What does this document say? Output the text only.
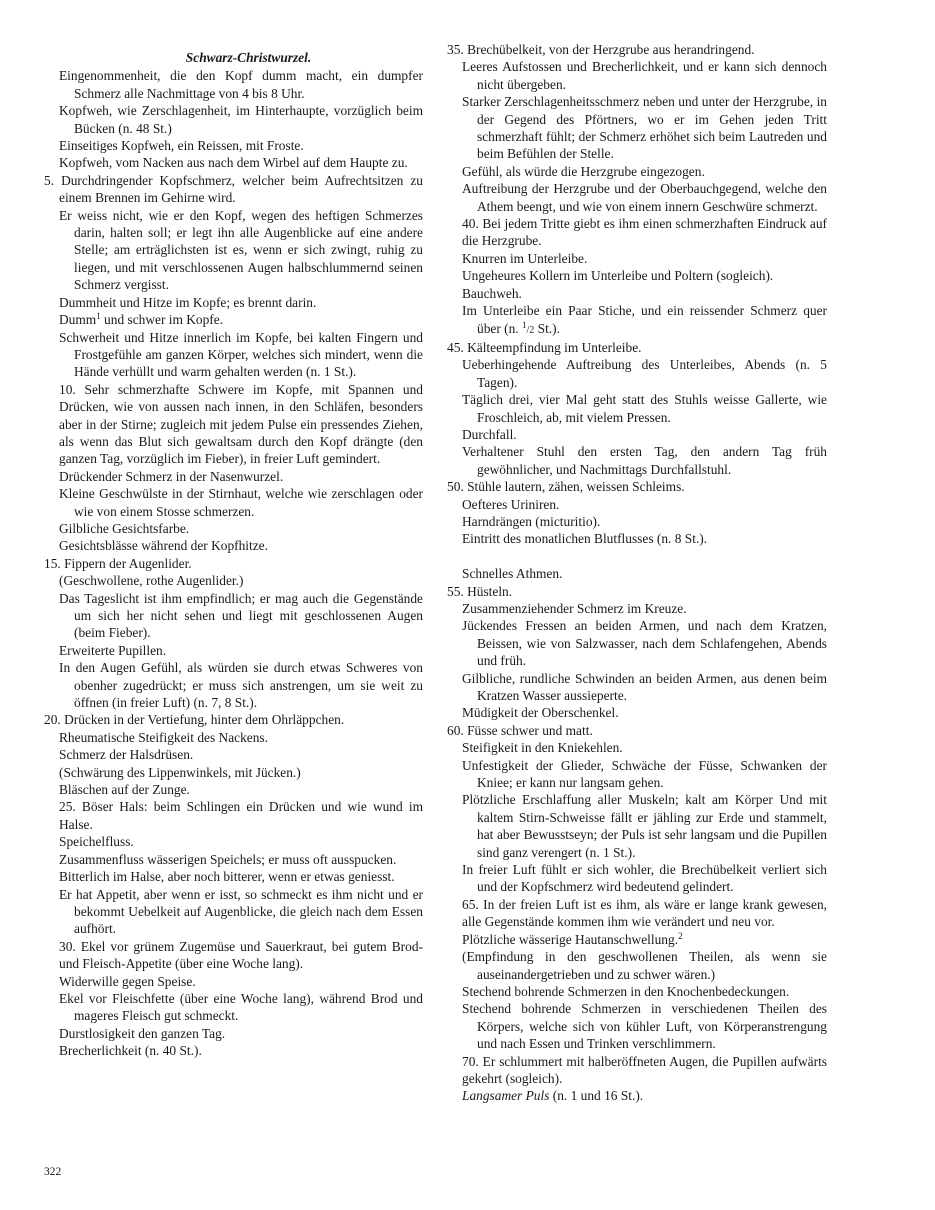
Schwarz-Christwurzel.
Eingenommenheit, die den Kopf dumm macht, ein dumpfer Schmerz alle Nachmittage von 4 bis 8 Uhr.
Kopfweh, wie Zerschlagenheit, im Hinterhaupte, vorzüglich beim Bücken (n. 48 St.)
Einseitiges Kopfweh, ein Reissen, mit Froste.
Kopfweh, vom Nacken aus nach dem Wirbel auf dem Haupte zu.
5. Durchdringender Kopfschmerz, welcher beim Aufrechtsitzen zu einem Brennen im Gehirne wird.
Er weiss nicht, wie er den Kopf, wegen des heftigen Schmerzes darin, halten soll; er legt ihn alle Augenblicke auf eine andere Stelle; am erträglichsten ist es, wenn er sich zwingt, ruhig zu liegen, und mit verschlossenen Augen halbschlummernd seinen Schmerz vergisst.
Dummheit und Hitze im Kopfe; es brennt darin.
Dumm$^1$ und schwer im Kopfe.
Schwerheit und Hitze innerlich im Kopfe, bei kalten Fingern und Frostgefühle am ganzen Körper, welches sich mindert, wenn die Hände verhüllt und warm gehalten werden (n. 1 St.).
10. Sehr schmerzhafte Schwere im Kopfe, mit Spannen und Drücken, wie von aussen nach innen, in den Schläfen, besonders aber in der Stirne; zugleich mit jedem Pulse ein pressendes Ziehen, als wenn das Blut sich gewaltsam durch den Kopf drängte (den ganzen Tag, vorzüglich im Fieber), in freier Luft gemindert.
Drückender Schmerz in der Nasenwurzel.
Kleine Geschwülste in der Stirnhaut, welche wie zerschlagen oder wie von einem Stosse schmerzen.
Gilbliche Gesichtsfarbe.
Gesichtsblässe während der Kopfhitze.
15. Fippern der Augenlider.
(Geschwollene, rothe Augenlider.)
Das Tageslicht ist ihm empfindlich; er mag auch die Gegenstände um sich her nicht sehen und liegt mit geschlossenen Augen (beim Fieber).
Erweiterte Pupillen.
In den Augen Gefühl, als würden sie durch etwas Schweres von obenher zugedrückt; er muss sich anstrengen, um sie weit zu öffnen (in freier Luft) (n. 7, 8 St.).
20. Drücken in der Vertiefung, hinter dem Ohrläppchen.
Rheumatische Steifigkeit des Nackens.
Schmerz der Halsdrüsen.
(Schwärung des Lippenwinkels, mit Jücken.)
Bläschen auf der Zunge.
25. Böser Hals: beim Schlingen ein Drücken und wie wund im Halse.
Speichelfluss.
Zusammenfluss wässerigen Speichels; er muss oft ausspucken.
Bitterlich im Halse, aber noch bitterer, wenn er etwas geniesst.
Er hat Appetit, aber wenn er isst, so schmeckt es ihm nicht und er bekommt Uebelkeit auf Augenblicke, die gleich nach dem Essen aufhört.
30. Ekel vor grünem Zugemüse und Sauerkraut, bei gutem Brod- und Fleisch-Appetite (über eine Woche lang).
Widerwille gegen Speise.
Ekel vor Fleischfette (über eine Woche lang), während Brod und mageres Fleisch gut schmeckt.
Durstlosigkeit den ganzen Tag.
Brecherlichkeit (n. 40 St.).
35. Brechübelkeit, von der Herzgrube aus herandringend.
Leeres Aufstossen und Brecherlichkeit, und er kann sich dennoch nicht übergeben.
Starker Zerschlagenheitsschmerz neben und unter der Herzgrube, in der Gegend des Pförtners, wo er im Gehen jeden Tritt schmerzhaft fühlt; der Schmerz erhöhet sich beim Lautreden und beim Befühlen der Stelle.
Gefühl, als würde die Herzgrube eingezogen.
Auftreibung der Herzgrube und der Oberbauchgegend, welche den Athem beengt, und wie von einem innern Geschwüre schmerzt.
40. Bei jedem Tritte giebt es ihm einen schmerzhaften Eindruck auf die Herzgrube.
Knurren im Unterleibe.
Ungeheures Kollern im Unterleibe und Poltern (sogleich).
Bauchweh.
Im Unterleibe ein Paar Stiche, und ein reissender Schmerz quer über (n. $^1$/2 St.).
45. Kälteempfindung im Unterleibe.
Ueberhingehende Auftreibung des Unterleibes, Abends (n. 5 Tagen).
Täglich drei, vier Mal geht statt des Stuhls weisse Gallerte, wie Froschleich, ab, mit vielem Pressen.
Durchfall.
Verhaltener Stuhl den ersten Tag, den andern Tag früh gewöhnlicher, und Nachmittags Durchfallstuhl.
50. Stühle lautern, zähen, weissen Schleims.
Oefteres Uriniren.
Harndrängen (micturitio).
Eintritt des monatlichen Blutflusses (n. 8 St.).
Schnelles Athmen.
55. Hüsteln.
Zusammenziehender Schmerz im Kreuze.
Jückendes Fressen an beiden Armen, und nach dem Kratzen, Beissen, wie von Salzwasser, nach dem Schlafengehen, Abends und früh.
Gilbliche, rundliche Schwinden an beiden Armen, aus denen beim Kratzen Wasser aussieperte.
Müdigkeit der Oberschenkel.
60. Füsse schwer und matt.
Steifigkeit in den Kniekehlen.
Unfestigkeit der Glieder, Schwäche der Füsse, Schwanken der Kniee; er kann nur langsam gehen.
Plötzliche Erschlaffung aller Muskeln; kalt am Körper Und mit kaltem Stirn-Schweisse fällt er jähling zur Erde und stammelt, hat aber Bewusstseyn; der Puls ist sehr langsam und die Pupillen sind ganz verengert (n. 1 St.).
In freier Luft fühlt er sich wohler, die Brechübelkeit verliert sich und der Kopfschmerz wird bedeutend gelindert.
65. In der freien Luft ist es ihm, als wäre er lange krank gewesen, alle Gegenstände kommen ihm wie verändert und neu vor.
Plötzliche wässerige Hautanschwellung.$^2$
(Empfindung in den geschwollenen Theilen, als wenn sie auseinandergetrieben und zu schwer wären.)
Stechend bohrende Schmerzen in den Knochenbedeckungen.
Stechend bohrende Schmerzen in verschiedenen Theilen des Körpers, welche sich von kühler Luft, von Körperanstrengung und nach Essen und Trinken verschlimmern.
70. Er schlummert mit halberöffneten Augen, die Pupillen aufwärts gekehrt (sogleich).
Langsamer Puls (n. 1 und 16 St.).
322
